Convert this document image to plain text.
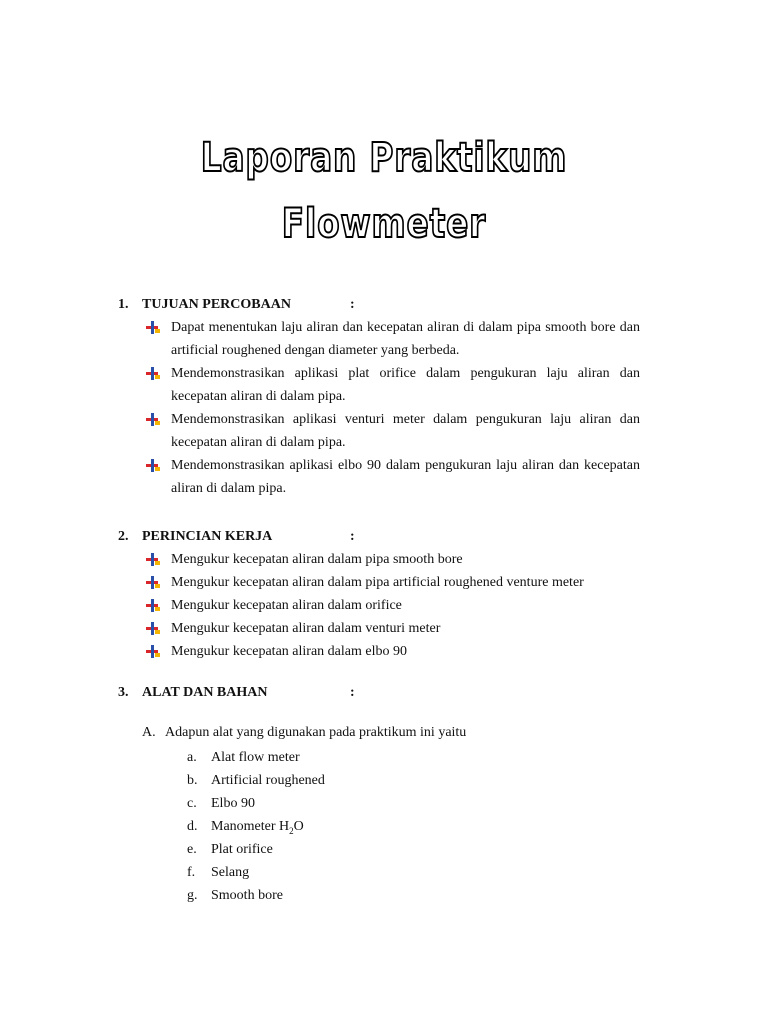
Laporan Praktikum
Flowmeter
1. TUJUAN PERCOBAAN	:
Dapat menentukan laju aliran dan kecepatan aliran di dalam pipa smooth bore dan artificial roughened dengan diameter yang berbeda.
Mendemonstrasikan aplikasi plat orifice dalam pengukuran laju aliran dan kecepatan aliran di dalam pipa.
Mendemonstrasikan aplikasi venturi meter dalam pengukuran laju aliran dan kecepatan aliran di dalam pipa.
Mendemonstrasikan aplikasi elbo 90 dalam pengukuran laju aliran dan kecepatan aliran di dalam pipa.
2. PERINCIAN KERJA	:
Mengukur kecepatan aliran dalam pipa smooth bore
Mengukur kecepatan aliran dalam pipa artificial roughened venture meter
Mengukur kecepatan aliran dalam orifice
Mengukur kecepatan aliran dalam venturi meter
Mengukur kecepatan aliran dalam elbo 90
3. ALAT DAN BAHAN	:
A. Adapun alat yang digunakan pada praktikum ini yaitu
a. Alat flow meter
b. Artificial roughened
c. Elbo 90
d. Manometer $H_2O$
e. Plat orifice
f. Selang
g. Smooth bore
